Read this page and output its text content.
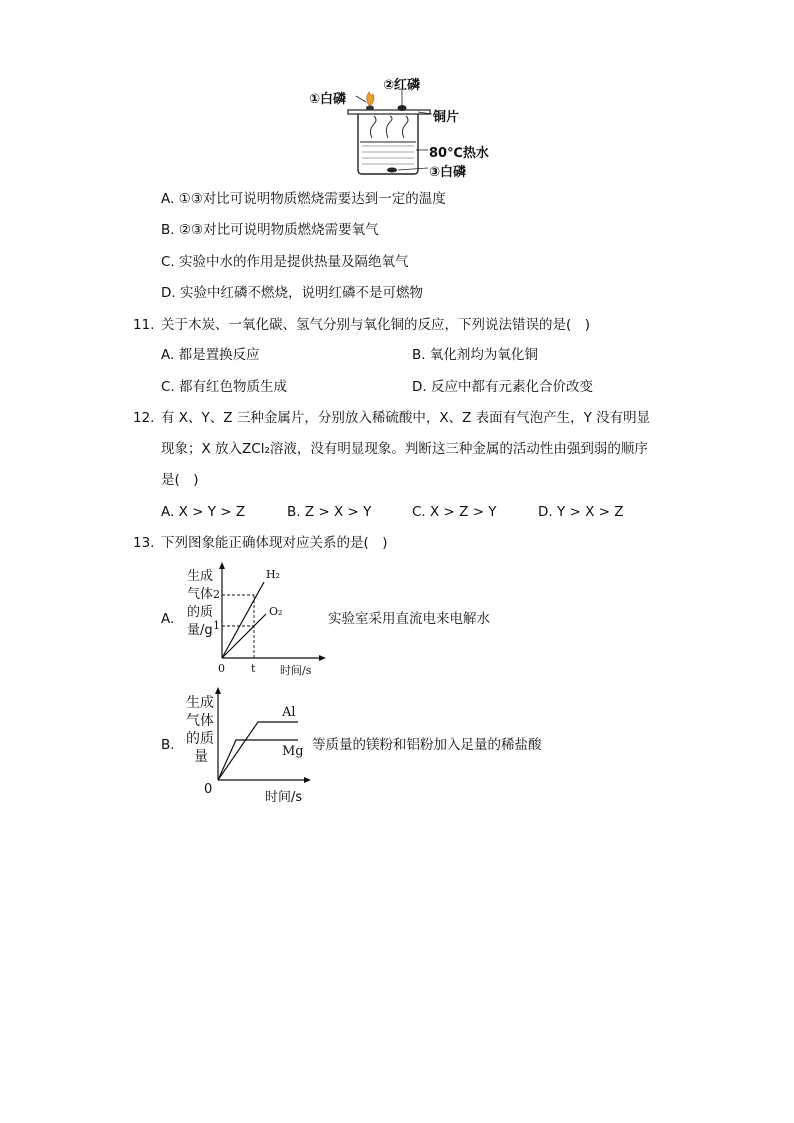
①白磷
②红磷
铜片
80℃热水
③白磷
A. ①③对比可说明物质燃烧需要达到一定的温度
B. ②③对比可说明物质燃烧需要氧气
C. 实验中水的作用是提供热量及隔绝氧气
D. 实验中红磷不燃烧，说明红磷不是可燃物
11. 关于木炭、一氧化碳、氢气分别与氧化铜的反应，下列说法错误的是(　)
A. 都是置换反应	B. 氧化剂均为氧化铜
C. 都有红色物质生成	D. 反应中都有元素化合价改变
12. 有 X、Y、Z 三种金属片，分别放入稀硫酸中，X、Z 表面有气泡产生，Y 没有明显
现象；X 放入ZCl₂溶液，没有明显现象。判断这三种金属的活动性由强到弱的顺序
是(　)
A. X > Y > Z	B. Z > X > Y	C. X > Z > Y	D. Y > X > Z
13. 下列图象能正确体现对应关系的是(　)
A.
生成
气体
的质
量/g
2
1
0 t 时间/s
H₂
O₂	实验室采用直流电来电解水
B.
生成
气体
的质
量
Al
Mg
0
时间/s
等质量的镁粉和铝粉加入足量的稀盐酸
